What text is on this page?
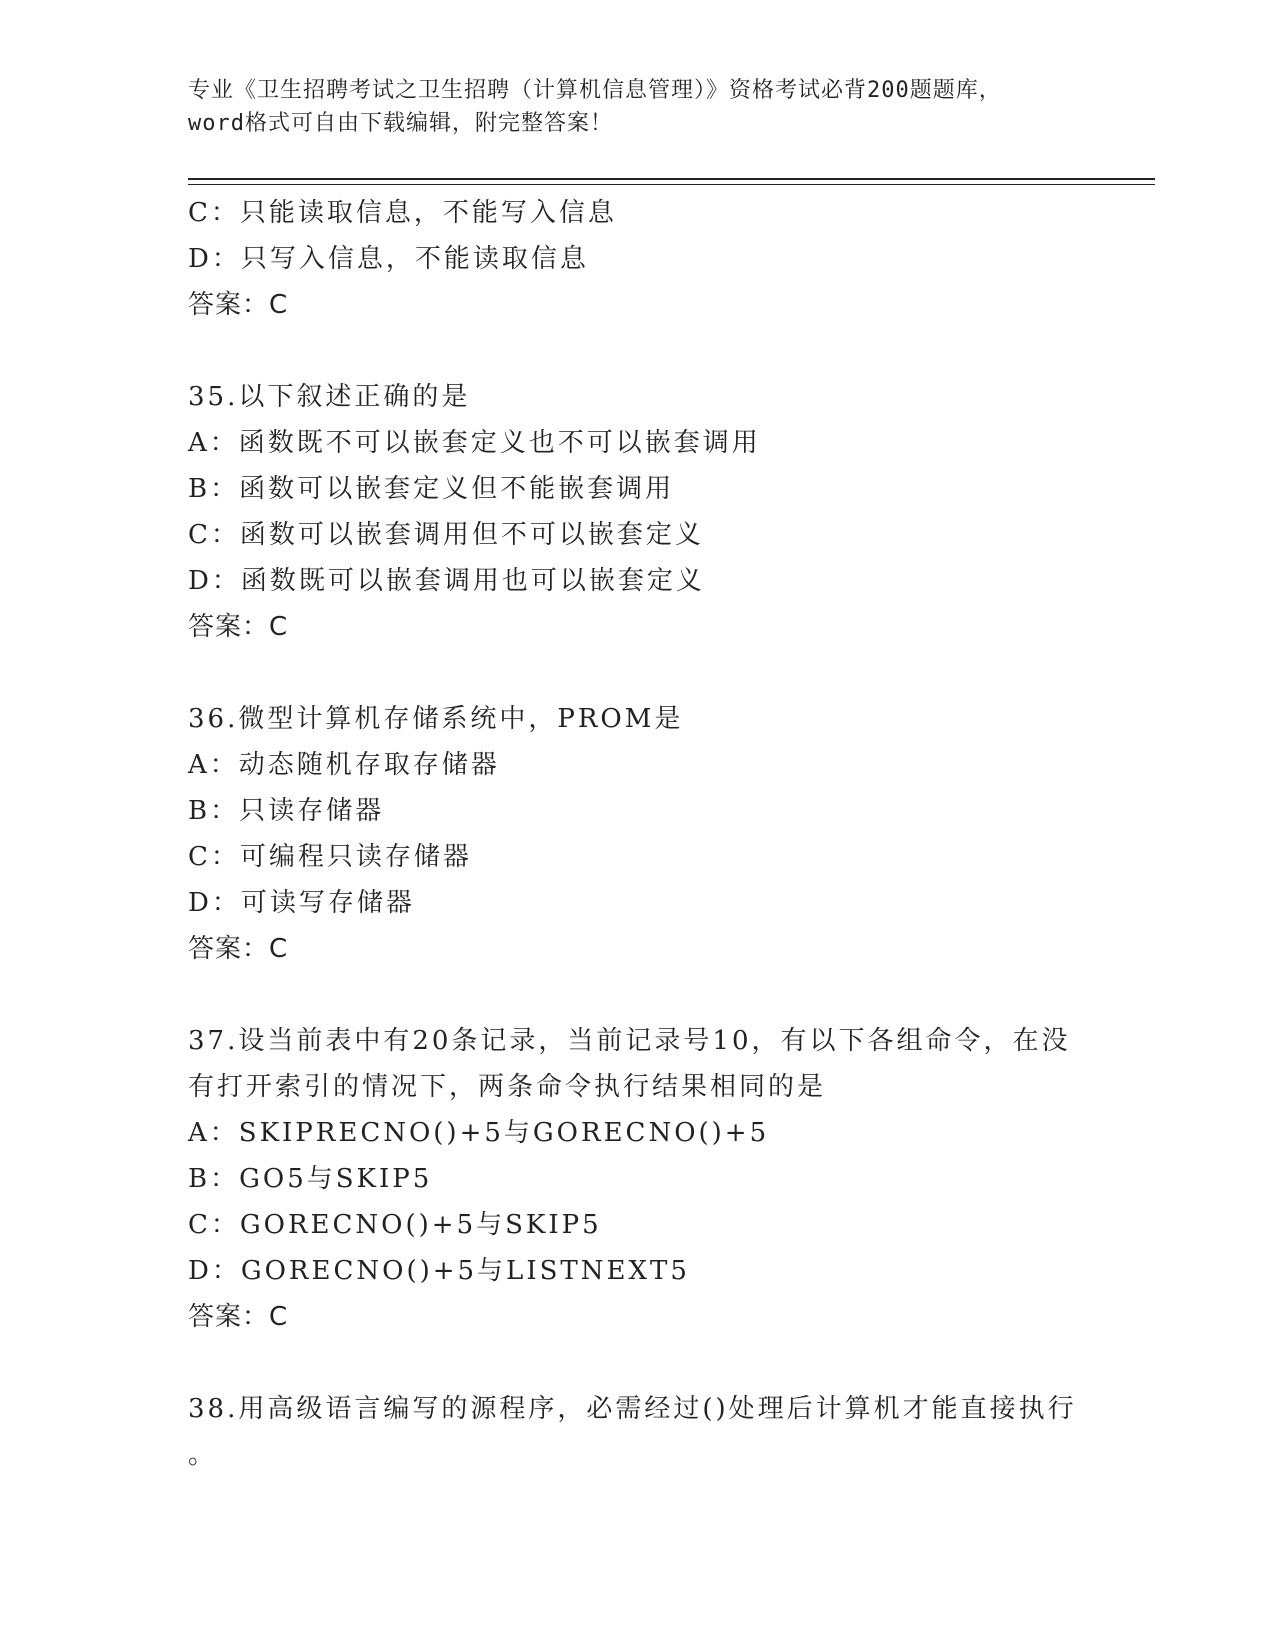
专业《卫生招聘考试之卫生招聘（计算机信息管理）》资格考试必背200题题库，
word格式可自由下载编辑，附完整答案！
C：只能读取信息，不能写入信息
D：只写入信息，不能读取信息
答案：C
35.以下叙述正确的是
A：函数既不可以嵌套定义也不可以嵌套调用
B：函数可以嵌套定义但不能嵌套调用
C：函数可以嵌套调用但不可以嵌套定义
D：函数既可以嵌套调用也可以嵌套定义
答案：C
36.微型计算机存储系统中，PROM是
A：动态随机存取存储器
B：只读存储器
C：可编程只读存储器
D：可读写存储器
答案：C
37.设当前表中有20条记录，当前记录号10，有以下各组命令，在没
有打开索引的情况下，两条命令执行结果相同的是
A：SKIPRECNO()+5与GORECNO()+5
B：GO5与SKIP5
C：GORECNO()+5与SKIP5
D：GORECNO()+5与LISTNEXT5
答案：C
38.用高级语言编写的源程序，必需经过()处理后计算机才能直接执行
。
